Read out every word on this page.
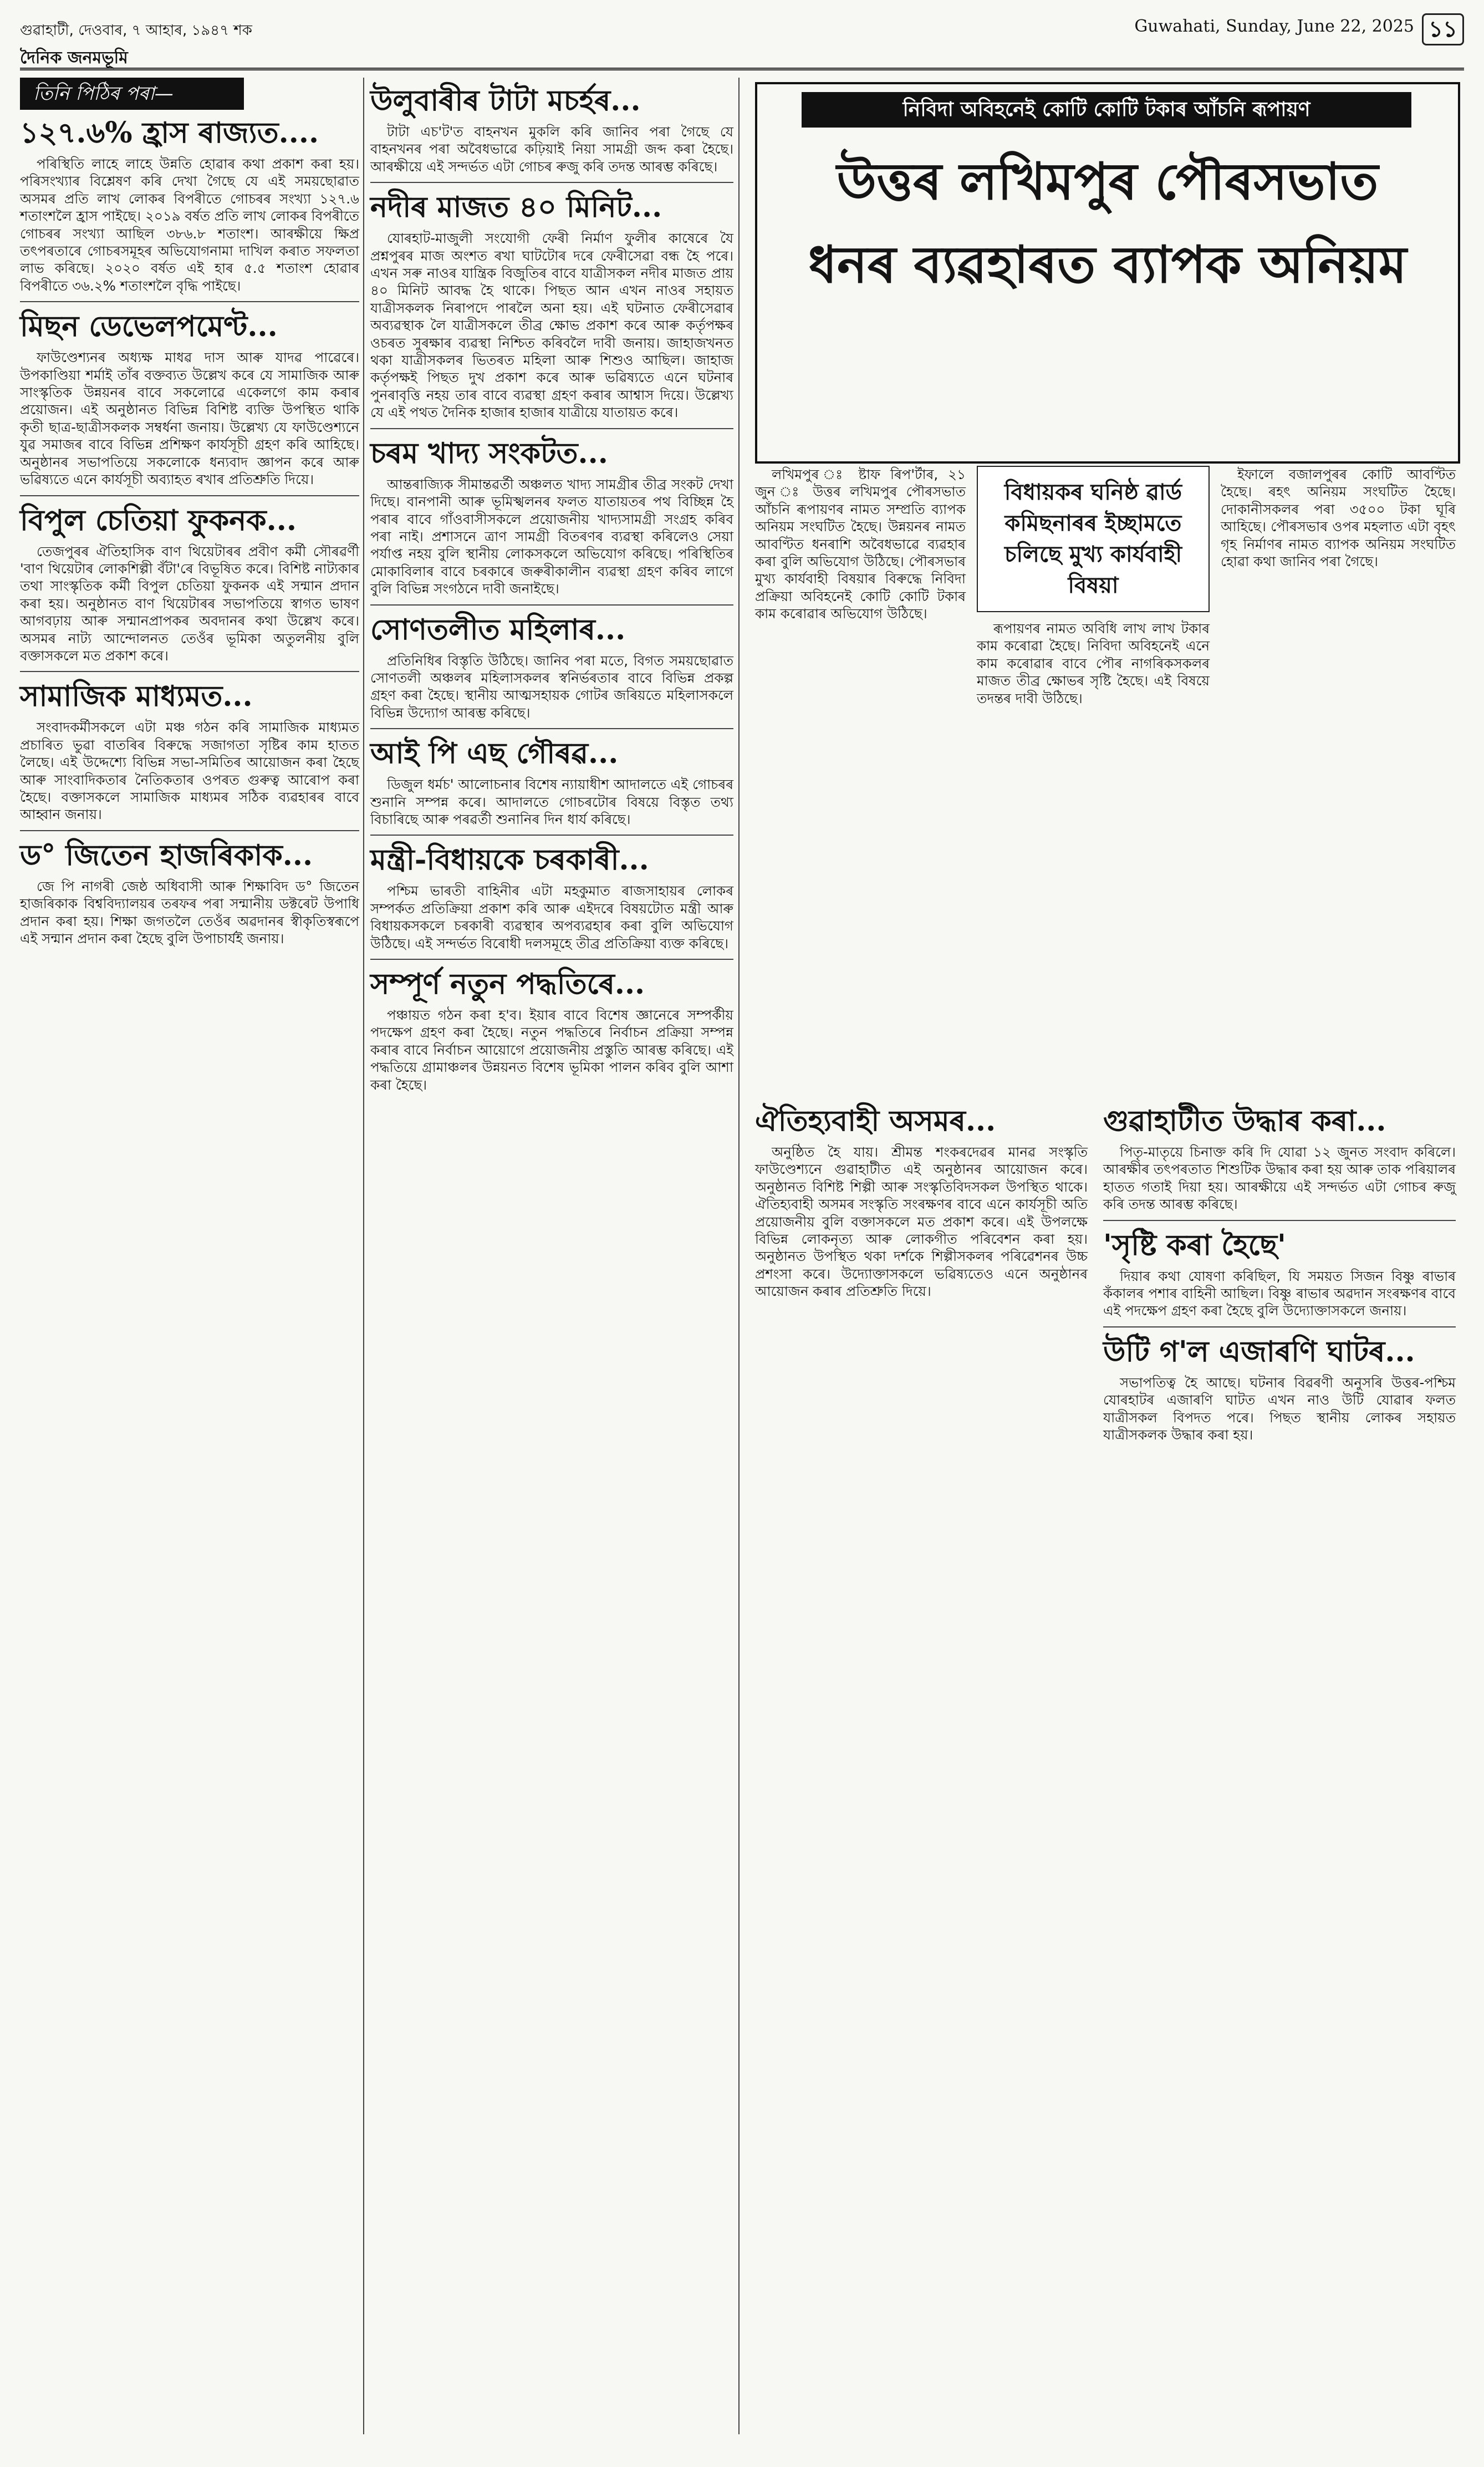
গুৱাহাটী, দেওবাৰ, ৭ আহাৰ, ১৯৪৭ শক	Guwahati, Sunday, June 22, 2025 ১১
দৈনিক জনমভূমি
তিনি পিঠিৰ পৰা—
১২৭.৬% হ্ৰাস ৰাজ্যত....

পৰিস্থিতি লাহে লাহে উন্নতি হোৱাৰ কথা প্ৰকাশ কৰা হয়। পৰিসংখ্যাৰ বিশ্লেষণ কৰি দেখা গৈছে যে এই সময়ছোৱাত অসমৰ প্ৰতি লাখ লোকৰ বিপৰীতে গোচৰৰ সংখ্যা ১২৭.৬ শতাংশলৈ হ্ৰাস পাইছে। ২০১৯ বৰ্ষত প্ৰতি লাখ লোকৰ বিপৰীতে গোচৰৰ সংখ্যা আছিল ৩৮৬.৮ শতাংশ। আৰক্ষীয়ে ক্ষিপ্ৰ তৎপৰতাৰে গোচৰসমূহৰ অভিযোগনামা দাখিল কৰাত সফলতা লাভ কৰিছে। ২০২০ বৰ্ষত এই হাৰ ৫.৫ শতাংশ হোৱাৰ বিপৰীতে ৩৬.২% শতাংশলৈ বৃদ্ধি পাইছে।

মিছন ডেভেলপমেণ্ট...

ফাউণ্ডেশ্যনৰ অধ্যক্ষ মাধৱ দাস আৰু যাদৱ পাৱেৰে। উপকাণ্ডিয়া শৰ্মাই তাঁৰ বক্তব্যত উল্লেখ কৰে যে সামাজিক আৰু সাংস্কৃতিক উন্নয়নৰ বাবে সকলোৱে একেলগে কাম কৰাৰ প্ৰয়োজন। এই অনুষ্ঠানত বিভিন্ন বিশিষ্ট ব্যক্তি উপস্থিত থাকি কৃতী ছাত্ৰ-ছাত্ৰীসকলক সম্বৰ্ধনা জনায়। উল্লেখ্য যে ফাউণ্ডেশ্যনে যুৱ সমাজৰ বাবে বিভিন্ন প্ৰশিক্ষণ কাৰ্যসূচী গ্ৰহণ কৰি আহিছে। অনুষ্ঠানৰ সভাপতিয়ে সকলোকে ধন্যবাদ জ্ঞাপন কৰে আৰু ভৱিষ্যতে এনে কাৰ্যসূচী অব্যাহত ৰখাৰ প্ৰতিশ্ৰুতি দিয়ে।

বিপুল চেতিয়া ফুকনক...

তেজপুৰৰ ঐতিহাসিক বাণ থিয়েটাৰৰ প্ৰবীণ কৰ্মী সৌৰৱৰ্ণী 'বাণ থিয়েটাৰ লোকশিল্পী বঁটা'ৰে বিভূষিত কৰে। বিশিষ্ট নাট্যকাৰ তথা সাংস্কৃতিক কৰ্মী বিপুল চেতিয়া ফুকনক এই সন্মান প্ৰদান কৰা হয়। অনুষ্ঠানত বাণ থিয়েটাৰৰ সভাপতিয়ে স্বাগত ভাষণ আগবঢ়ায় আৰু সন্মানপ্ৰাপকৰ অবদানৰ কথা উল্লেখ কৰে। অসমৰ নাট্য আন্দোলনত তেওঁৰ ভূমিকা অতুলনীয় বুলি বক্তাসকলে মত প্ৰকাশ কৰে।

সামাজিক মাধ্যমত...

সংবাদকৰ্মীসকলে এটা মঞ্চ গঠন কৰি সামাজিক মাধ্যমত প্ৰচাৰিত ভুৱা বাতৰিৰ বিৰুদ্ধে সজাগতা সৃষ্টিৰ কাম হাতত লৈছে। এই উদ্দেশ্যে বিভিন্ন সভা-সমিতিৰ আয়োজন কৰা হৈছে আৰু সাংবাদিকতাৰ নৈতিকতাৰ ওপৰত গুৰুত্ব আৰোপ কৰা হৈছে। বক্তাসকলে সামাজিক মাধ্যমৰ সঠিক ব্যৱহাৰৰ বাবে আহ্বান জনায়।

ড° জিতেন হাজৰিকাক...

জে পি নাগৰী জেষ্ঠ অধিবাসী আৰু শিক্ষাবিদ ড° জিতেন হাজৰিকাক বিশ্ববিদ্যালয়ৰ তৰফৰ পৰা সন্মানীয় ডক্টৰেট উপাধি প্ৰদান কৰা হয়। শিক্ষা জগতলৈ তেওঁৰ অৱদানৰ স্বীকৃতিস্বৰূপে এই সন্মান প্ৰদান কৰা হৈছে বুলি উপাচাৰ্যই জনায়।

উলুবাৰীৰ টাটা মচৰ্হৰ...

টাটা এচ'ট'ত বাহনখন মুকলি কৰি জানিব পৰা গৈছে যে বাহনখনৰ পৰা অবৈধভাৱে কঢ়িয়াই নিয়া সামগ্ৰী জব্দ কৰা হৈছে। আৰক্ষীয়ে এই সন্দৰ্ভত এটা গোচৰ ৰুজু কৰি তদন্ত আৰম্ভ কৰিছে।

নদীৰ মাজত ৪০ মিনিট...

যোৰহাট-মাজুলী সংযোগী ফেৰী নিৰ্মাণ ফুলীৰ কাষেৰে যৈ প্ৰশ্নপুৰৰ মাজ অংশত ৰখা ঘাটটোৰ দৰে ফেৰীসেৱা বন্ধ হৈ পৰে। এখন সৰু নাওৰ যান্ত্ৰিক বিজুতিৰ বাবে যাত্ৰীসকল নদীৰ মাজত প্ৰায় ৪০ মিনিট আবদ্ধ হৈ থাকে। পিছত আন এখন নাওৰ সহায়ত যাত্ৰীসকলক নিৰাপদে পাৰলৈ অনা হয়। এই ঘটনাত ফেৰীসেৱাৰ অব্যৱস্থাক লৈ যাত্ৰীসকলে তীব্ৰ ক্ষোভ প্ৰকাশ কৰে আৰু কৰ্তৃপক্ষৰ ওচৰত সুৰক্ষাৰ ব্যৱস্থা নিশ্চিত কৰিবলৈ দাবী জনায়। জাহাজখনত থকা যাত্ৰীসকলৰ ভিতৰত মহিলা আৰু শিশুও আছিল। জাহাজ কৰ্তৃপক্ষই পিছত দুখ প্ৰকাশ কৰে আৰু ভৱিষ্যতে এনে ঘটনাৰ পুনৰাবৃত্তি নহয় তাৰ বাবে ব্যৱস্থা গ্ৰহণ কৰাৰ আশ্বাস দিয়ে। উল্লেখ্য যে এই পথত দৈনিক হাজাৰ হাজাৰ যাত্ৰীয়ে যাতায়ত কৰে।

চৰম খাদ্য সংকটত...

আন্তৰাজ্যিক সীমান্তৱৰ্তী অঞ্চলত খাদ্য সামগ্ৰীৰ তীব্ৰ সংকট দেখা দিছে। বানপানী আৰু ভূমিস্খলনৰ ফলত যাতায়তৰ পথ বিচ্ছিন্ন হৈ পৰাৰ বাবে গাঁওবাসীসকলে প্ৰয়োজনীয় খাদ্যসামগ্ৰী সংগ্ৰহ কৰিব পৰা নাই। প্ৰশাসনে ত্ৰাণ সামগ্ৰী বিতৰণৰ ব্যৱস্থা কৰিলেও সেয়া পৰ্যাপ্ত নহয় বুলি স্থানীয় লোকসকলে অভিযোগ কৰিছে। পৰিস্থিতিৰ মোকাবিলাৰ বাবে চৰকাৰে জৰুৰীকালীন ব্যৱস্থা গ্ৰহণ কৰিব লাগে বুলি বিভিন্ন সংগঠনে দাবী জনাইছে।

সোণতলীত মহিলাৰ...

প্ৰতিনিধিৰ বিস্তৃতি উঠিছে। জানিব পৰা মতে, বিগত সময়ছোৱাত সোণতলী অঞ্চলৰ মহিলাসকলৰ স্বনিৰ্ভৰতাৰ বাবে বিভিন্ন প্ৰকল্প গ্ৰহণ কৰা হৈছে। স্থানীয় আত্মসহায়ক গোটৰ জৰিয়তে মহিলাসকলে বিভিন্ন উদ্যোগ আৰম্ভ কৰিছে।

আই পি এছ গৌৰৱ...

ডিজুল ধৰ্মচ' আলোচনাৰ বিশেষ ন্যায়াধীশ আদালতে এই গোচৰৰ শুনানি সম্পন্ন কৰে। আদালতে গোচৰটোৰ বিষয়ে বিস্তৃত তথ্য বিচাৰিছে আৰু পৰৱৰ্তী শুনানিৰ দিন ধাৰ্য কৰিছে।

মন্ত্ৰী-বিধায়কে চৰকাৰী...

পশ্চিম ভাৰতী বাহিনীৰ এটা মহকুমাত ৰাজসাহায়ৰ লোকৰ সম্পৰ্কত প্ৰতিক্ৰিয়া প্ৰকাশ কৰি আৰু এইদৰে বিষয়টোত মন্ত্ৰী আৰু বিধায়কসকলে চৰকাৰী ব্যৱস্থাৰ অপব্যৱহাৰ কৰা বুলি অভিযোগ উঠিছে। এই সন্দৰ্ভত বিৰোধী দলসমূহে তীব্ৰ প্ৰতিক্ৰিয়া ব্যক্ত কৰিছে।

সম্পূৰ্ণ নতুন পদ্ধতিৰে...

পঞ্চায়ত গঠন কৰা হ'ব। ইয়াৰ বাবে বিশেষ জ্ঞানেৰে সম্পৰ্কীয় পদক্ষেপ গ্ৰহণ কৰা হৈছে। নতুন পদ্ধতিৰে নিৰ্বাচন প্ৰক্ৰিয়া সম্পন্ন কৰাৰ বাবে নিৰ্বাচন আয়োগে প্ৰয়োজনীয় প্ৰস্তুতি আৰম্ভ কৰিছে। এই পদ্ধতিয়ে গ্ৰামাঞ্চলৰ উন্নয়নত বিশেষ ভূমিকা পালন কৰিব বুলি আশা কৰা হৈছে।

নিবিদা অবিহনেই কোটি কোটি টকাৰ আঁচনি ৰূপায়ণ
উত্তৰ লখিমপুৰ পৌৰসভাত
ধনৰ ব্যৱহাৰত ব্যাপক অনিয়ম

লখিমপুৰ ঃ ষ্টাফ ৰিপ'ৰ্টাৰ, ২১ জুন ঃ উত্তৰ লখিমপুৰ পৌৰসভাত আঁচনি ৰূপায়ণৰ নামত সম্প্ৰতি ব্যাপক অনিয়ম সংঘটিত হৈছে। উন্নয়নৰ নামত আবণ্টিত ধনৰাশি অবৈধভাৱে ব্যৱহাৰ কৰা বুলি অভিযোগ উঠিছে। পৌৰসভাৰ মুখ্য কাৰ্যবাহী বিষয়াৰ বিৰুদ্ধে নিবিদা প্ৰক্ৰিয়া অবিহনেই কোটি কোটি টকাৰ কাম কৰোৱাৰ অভিযোগ উঠিছে।

বিধায়কৰ ঘনিষ্ঠ ৱাৰ্ড কমিছনাৰৰ ইচ্ছামতে চলিছে মুখ্য কাৰ্যবাহী বিষয়া

ৰূপায়ণৰ নামত অবিধি লাখ লাখ টকাৰ কাম কৰোৱা হৈছে। নিবিদা অবিহনেই এনে কাম কৰোৱাৰ বাবে পৌৰ নাগৰিকসকলৰ মাজত তীব্ৰ ক্ষোভৰ সৃষ্টি হৈছে। এই বিষয়ে তদন্তৰ দাবী উঠিছে।

ইফালে বজালপুৰৰ কোটি আবণ্টিত হৈছে। ৰহৎ অনিয়ম সংঘটিত হৈছে। দোকানীসকলৰ পৰা ৩৫০০ টকা ঘূৰি আহিছে। পৌৰসভাৰ ওপৰ মহলাত এটা বৃহৎ গৃহ নিৰ্মাণৰ নামত ব্যাপক অনিয়ম সংঘটিত হোৱা কথা জানিব পৰা গৈছে।

ঐতিহ্যবাহী অসমৰ...

অনুষ্ঠিত হৈ যায়। শ্ৰীমন্ত শংকৰদেৱৰ মানৱ সংস্কৃতি ফাউণ্ডেশ্যনে গুৱাহাটীত এই অনুষ্ঠানৰ আয়োজন কৰে। অনুষ্ঠানত বিশিষ্ট শিল্পী আৰু সংস্কৃতিবিদসকল উপস্থিত থাকে। ঐতিহ্যবাহী অসমৰ সংস্কৃতি সংৰক্ষণৰ বাবে এনে কাৰ্যসূচী অতি প্ৰয়োজনীয় বুলি বক্তাসকলে মত প্ৰকাশ কৰে। এই উপলক্ষে বিভিন্ন লোকনৃত্য আৰু লোকগীত পৰিবেশন কৰা হয়। অনুষ্ঠানত উপস্থিত থকা দৰ্শকে শিল্পীসকলৰ পৰিৱেশনৰ উচ্চ প্ৰশংসা কৰে। উদ্যোক্তাসকলে ভৱিষ্যতেও এনে অনুষ্ঠানৰ আয়োজন কৰাৰ প্ৰতিশ্ৰুতি দিয়ে।

গুৱাহাটীত উদ্ধাৰ কৰা...

পিতৃ-মাতৃয়ে চিনাক্ত কৰি দি যোৱা ১২ জুনত সংবাদ কৰিলে। আৰক্ষীৰ তৎপৰতাত শিশুটিক উদ্ধাৰ কৰা হয় আৰু তাক পৰিয়ালৰ হাতত গতাই দিয়া হয়। আৰক্ষীয়ে এই সন্দৰ্ভত এটা গোচৰ ৰুজু কৰি তদন্ত আৰম্ভ কৰিছে।

'সৃষ্টি কৰা হৈছে'

দিয়াৰ কথা যোষণা কৰিছিল, যি সময়ত সিজন বিষ্ণু ৰাভাৰ কঁকালৰ পশাৰ বাহিনী আছিল। বিষ্ণু ৰাভাৰ অৱদান সংৰক্ষণৰ বাবে এই পদক্ষেপ গ্ৰহণ কৰা হৈছে বুলি উদ্যোক্তাসকলে জনায়।

উটি গ'ল এজাৰণি ঘাটৰ...

সভাপতিত্ব হৈ আছে। ঘটনাৰ বিৱৰণী অনুসৰি উত্তৰ-পশ্চিম যোৰহাটৰ এজাৰণি ঘাটত এখন নাও উটি যোৱাৰ ফলত যাত্ৰীসকল বিপদত পৰে। পিছত স্থানীয় লোকৰ সহায়ত যাত্ৰীসকলক উদ্ধাৰ কৰা হয়।
